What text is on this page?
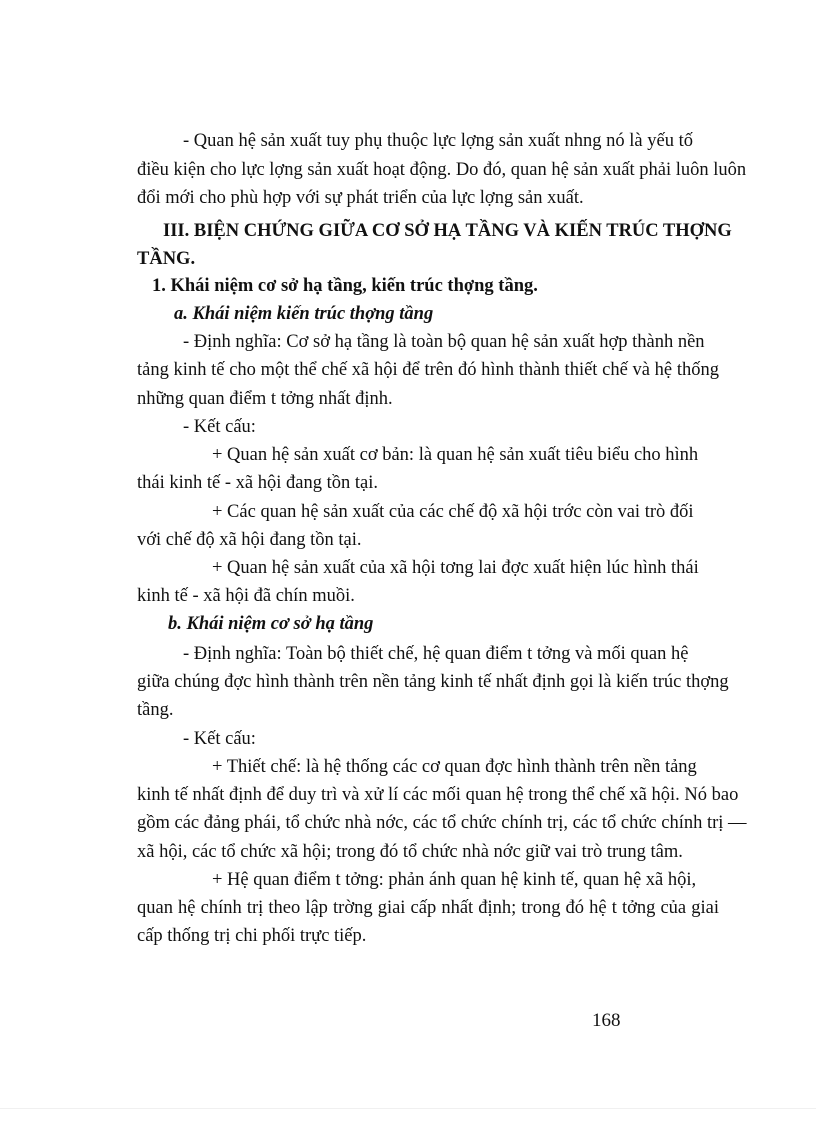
- Quan hệ sản xuất tuy phụ thuộc lực lợng sản xuất nhng nó là yếu tố
điều kiện cho lực lợng sản xuất hoạt động. Do đó, quan hệ sản xuất phải luôn luôn
đổi mới cho phù hợp với sự phát triển của lực lợng sản xuất.
III. BIỆN CHỨNG GIỮA CƠ SỞ HẠ TẦNG VÀ KIẾN TRÚC THỢNG
TẦNG.
1. Khái niệm cơ sở hạ tầng, kiến trúc thợng tầng.
a. Khái niệm kiến trúc thợng tầng
- Định nghĩa: Cơ sở hạ tầng là toàn bộ quan hệ sản xuất hợp thành nền
tảng kinh tế cho một thể chế xã hội để trên đó hình thành thiết chế và hệ thống
những quan điểm t tởng nhất định.
- Kết cấu:
+ Quan hệ sản xuất cơ bản: là quan hệ sản xuất tiêu biểu cho hình
thái kinh tế - xã hội đang tồn tại.
+ Các quan hệ sản xuất của các chế độ xã hội trớc còn vai trò đối
với chế độ xã hội đang tồn tại.
+ Quan hệ sản xuất của xã hội tơng lai đợc xuất hiện lúc hình thái
kinh tế - xã hội đã chín muồi.
b. Khái niệm cơ sở hạ tầng
- Định nghĩa: Toàn bộ thiết chế, hệ quan điểm t tởng và mối quan hệ
giữa chúng đợc hình thành trên nền tảng kinh tế nhất định gọi là kiến trúc thợng
tầng.
- Kết cấu:
+ Thiết chế: là hệ thống các cơ quan đợc hình thành trên nền tảng
kinh tế nhất định để duy trì và xử lí các mối quan hệ trong thể chế xã hội. Nó bao
gồm các đảng phái, tổ chức nhà nớc, các tổ chức chính trị, các tổ chức chính trị —
xã hội, các tổ chức xã hội; trong đó tổ chức nhà nớc giữ vai trò trung tâm.
+ Hệ quan điểm t tởng: phản ánh quan hệ kinh tế, quan hệ xã hội,
quan hệ chính trị theo lập trờng giai cấp nhất định; trong đó hệ t tởng của giai
cấp thống trị chi phối trực tiếp.
168
